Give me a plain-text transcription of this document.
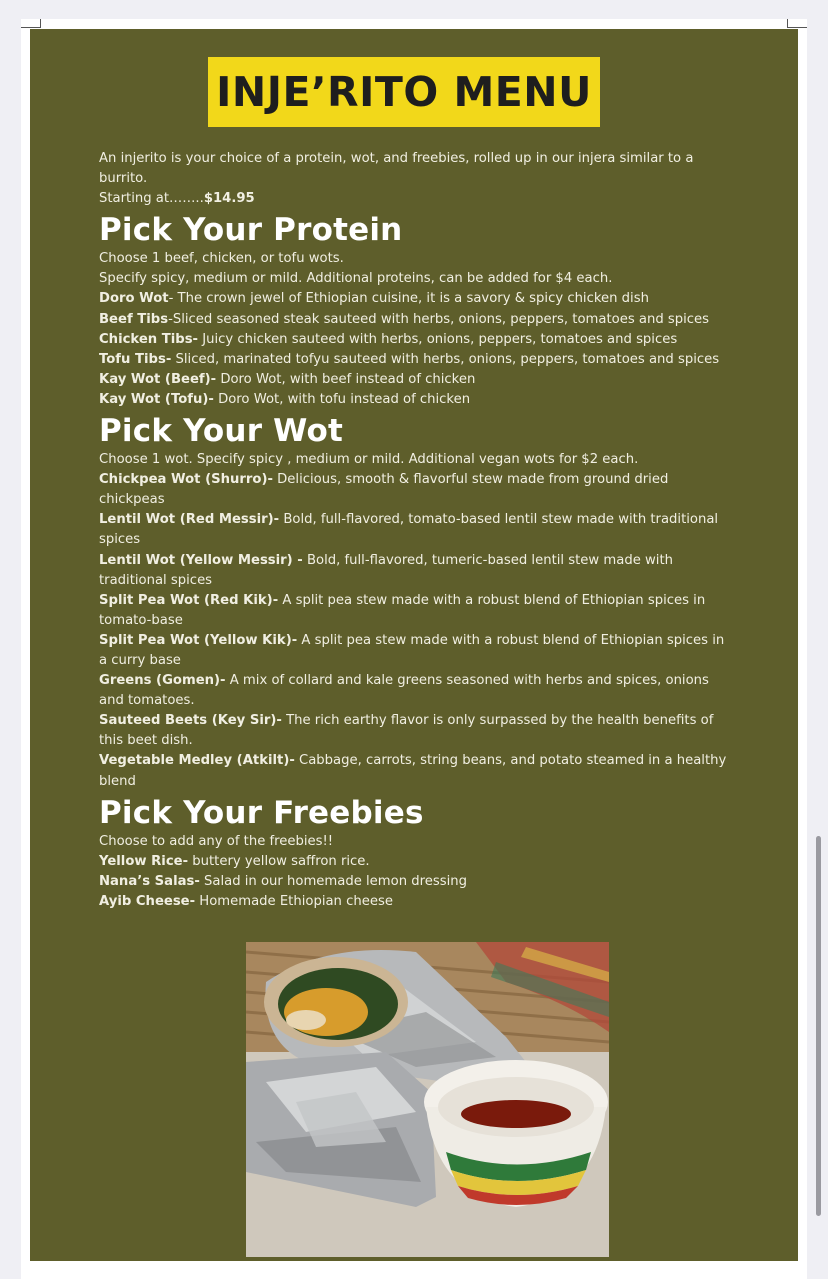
INJE’RITO MENU

An injerito is your choice of a protein, wot, and freebies, rolled up in our injera similar to a

burrito.

Starting at……..$14.95

Pick Your Protein

Choose 1 beef, chicken, or tofu wots.

Specify spicy, medium or mild. Additional proteins, can be added for $4 each.

Doro Wot- The crown jewel of Ethiopian cuisine, it is a savory & spicy chicken dish

Beef Tibs-Sliced seasoned steak sauteed with herbs, onions, peppers, tomatoes and spices

Chicken Tibs- Juicy chicken sauteed with herbs, onions, peppers, tomatoes and spices

Tofu Tibs- Sliced, marinated tofyu sauteed with herbs, onions, peppers, tomatoes and spices

Kay Wot (Beef)- Doro Wot, with beef instead of chicken

Kay Wot (Tofu)- Doro Wot, with tofu instead of chicken

Pick Your Wot

Choose 1 wot. Specify spicy , medium or mild. Additional vegan wots for $2 each.

Chickpea Wot (Shurro)- Delicious, smooth & flavorful stew made from ground dried

chickpeas

Lentil Wot (Red Messir)- Bold, full-flavored, tomato-based lentil stew made with traditional

spices

Lentil Wot (Yellow Messir) - Bold, full-flavored, tumeric-based lentil stew made with

traditional spices

Split Pea Wot (Red Kik)- A split pea stew made with a robust blend of Ethiopian spices in

tomato-base

Split Pea Wot (Yellow Kik)- A split pea stew made with a robust blend of Ethiopian spices in

a curry base

Greens (Gomen)- A mix of collard and kale greens seasoned with herbs and spices, onions

and tomatoes.

Sauteed Beets (Key Sir)- The rich earthy flavor is only surpassed by the health benefits of

this beet dish.

Vegetable Medley (Atkilt)- Cabbage, carrots, string beans, and potato steamed in a healthy

blend

Pick Your Freebies

Choose to add any of the freebies!!

Yellow Rice- buttery yellow saffron rice.

Nana’s Salas- Salad in our homemade lemon dressing

Ayib Cheese- Homemade Ethiopian cheese
